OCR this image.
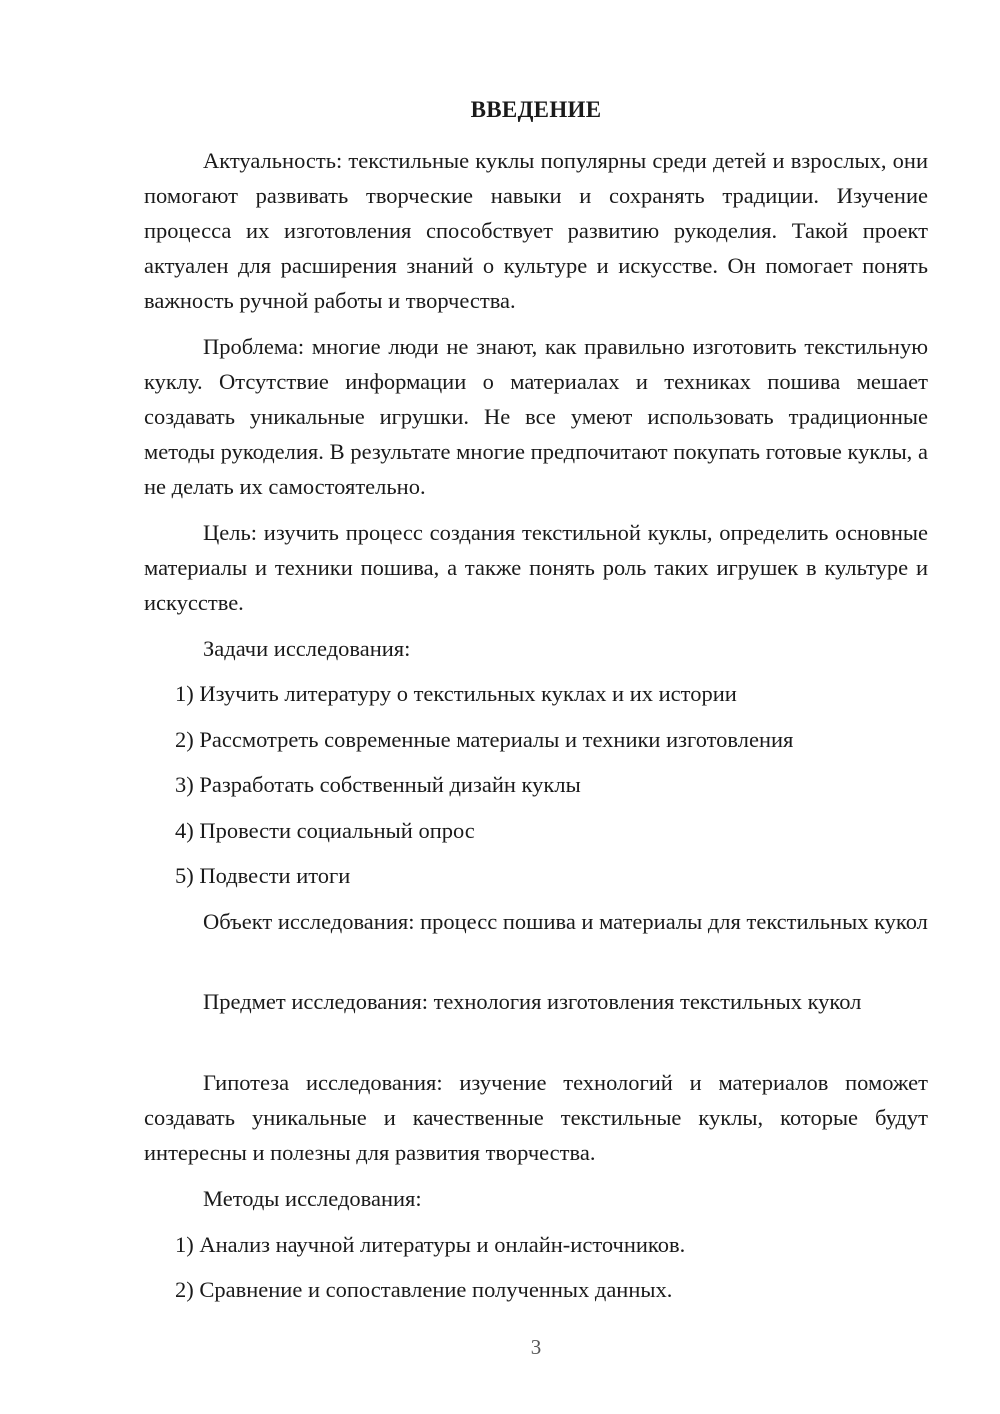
ВВЕДЕНИЕ

Актуальность: текстильные куклы популярны среди детей и взрослых, они помогают развивать творческие навыки и сохранять традиции. Изучение процесса их изготовления способствует развитию рукоделия. Такой проект актуален для расширения знаний о культуре и искусстве. Он помогает понять важность ручной работы и творчества.

Проблема: многие люди не знают, как правильно изготовить текстильную куклу. Отсутствие информации о материалах и техниках пошива мешает создавать уникальные игрушки. Не все умеют использовать традиционные методы рукоделия. В результате многие предпочитают покупать готовые куклы, а не делать их самостоятельно.

Цель: изучить процесс создания текстильной куклы, определить основные материалы и техники пошива, а также понять роль таких игрушек в культуре и искусстве.

Задачи исследования:

1) Изучить литературу о текстильных куклах и их истории

2) Рассмотреть современные материалы и техники изготовления

3) Разработать собственный дизайн куклы

4) Провести социальный опрос

5) Подвести итоги

Объект исследования: процесс пошива и материалы для текстильных кукол

Предмет исследования: технология изготовления текстильных кукол

Гипотеза исследования: изучение технологий и материалов поможет создавать уникальные и качественные текстильные куклы, которые будут интересны и полезны для развития творчества.

Методы исследования:

1) Анализ научной литературы и онлайн-источников.

2) Сравнение и сопоставление полученных данных.

3
